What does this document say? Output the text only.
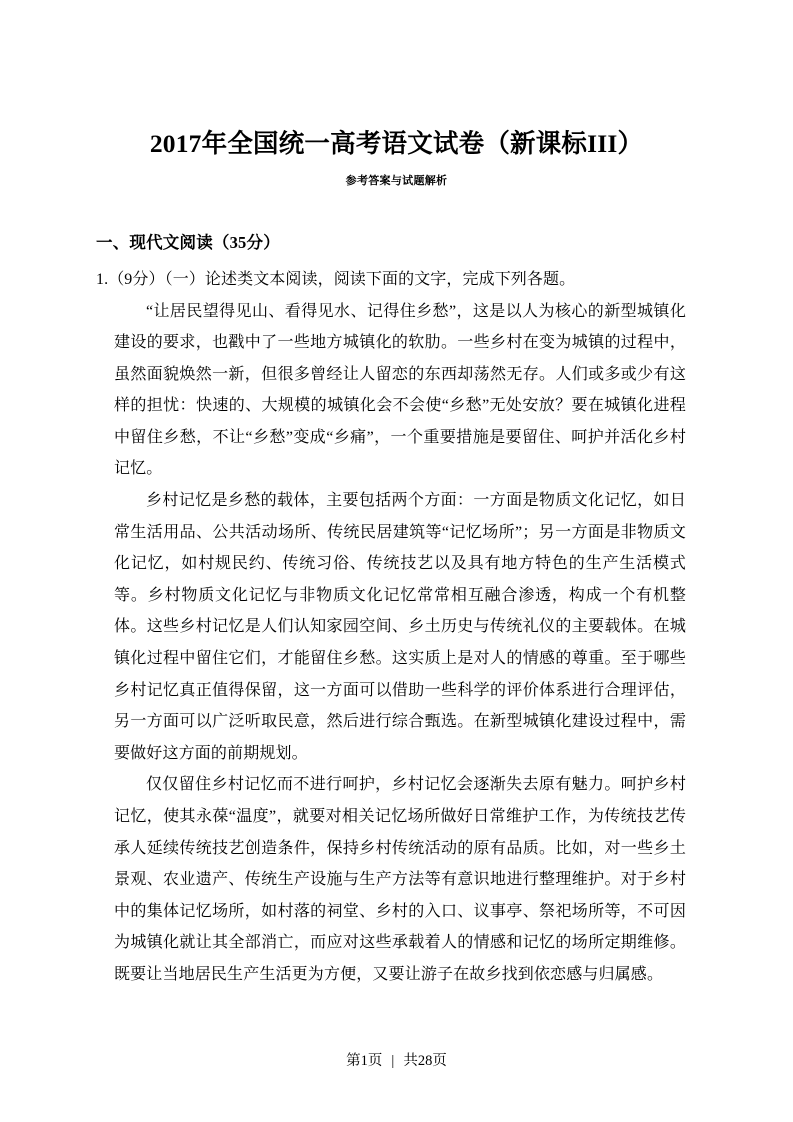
2017年全国统一高考语文试卷（新课标III）
参考答案与试题解析
一、现代文阅读（35分）

1.（9分）（一）论述类文本阅读，阅读下面的文字，完成下列各题。

“让居民望得见山、看得见水、记得住乡愁”，这是以人为核心的新型城镇化建设的要求，也戳中了一些地方城镇化的软肋。一些乡村在变为城镇的过程中，虽然面貌焕然一新，但很多曾经让人留恋的东西却荡然无存。人们或多或少有这样的担忧：快速的、大规模的城镇化会不会使“乡愁”无处安放？要在城镇化进程中留住乡愁，不让“乡愁”变成“乡痛”，一个重要措施是要留住、呵护并活化乡村记忆。

乡村记忆是乡愁的载体，主要包括两个方面：一方面是物质文化记忆，如日常生活用品、公共活动场所、传统民居建筑等“记忆场所”；另一方面是非物质文化记忆，如村规民约、传统习俗、传统技艺以及具有地方特色的生产生活模式等。乡村物质文化记忆与非物质文化记忆常常相互融合渗透，构成一个有机整体。这些乡村记忆是人们认知家园空间、乡土历史与传统礼仪的主要载体。在城镇化过程中留住它们，才能留住乡愁。这实质上是对人的情感的尊重。至于哪些乡村记忆真正值得保留，这一方面可以借助一些科学的评价体系进行合理评估，另一方面可以广泛听取民意，然后进行综合甄选。在新型城镇化建设过程中，需要做好这方面的前期规划。

仅仅留住乡村记忆而不进行呵护，乡村记忆会逐渐失去原有魅力。呵护乡村记忆，使其永葆“温度”，就要对相关记忆场所做好日常维护工作，为传统技艺传承人延续传统技艺创造条件，保持乡村传统活动的原有品质。比如，对一些乡土景观、农业遗产、传统生产设施与生产方法等有意识地进行整理维护。对于乡村中的集体记忆场所，如村落的祠堂、乡村的入口、议事亭、祭祀场所等，不可因为城镇化就让其全部消亡，而应对这些承载着人的情感和记忆的场所定期维修。既要让当地居民生产生活更为方便，又要让游子在故乡找到依恋感与归属感。

第1页 | 共28页
